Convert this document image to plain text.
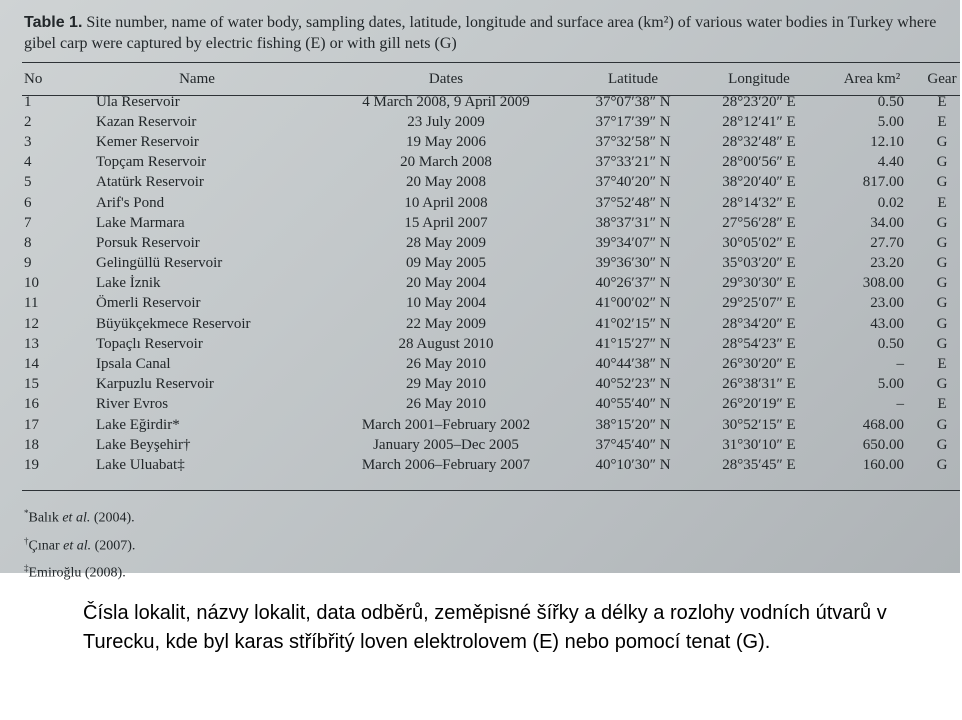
Table 1. Site number, name of water body, sampling dates, latitude, longitude and surface area (km²) of various water bodies in Turkey where gibel carp were captured by electric fishing (E) or with gill nets (G)
No	Name	Dates	Latitude	Longitude	Area km²	Gear
1	Ula Reservoir	4 March 2008, 9 April 2009	37°07′38″ N	28°23′20″ E	0.50	E
2	Kazan Reservoir	23 July 2009	37°17′39″ N	28°12′41″ E	5.00	E
3	Kemer Reservoir	19 May 2006	37°32′58″ N	28°32′48″ E	12.10	G
4	Topçam Reservoir	20 March 2008	37°33′21″ N	28°00′56″ E	4.40	G
5	Atatürk Reservoir	20 May 2008	37°40′20″ N	38°20′40″ E	817.00	G
6	Arif's Pond	10 April 2008	37°52′48″ N	28°14′32″ E	0.02	E
7	Lake Marmara	15 April 2007	38°37′31″ N	27°56′28″ E	34.00	G
8	Porsuk Reservoir	28 May 2009	39°34′07″ N	30°05′02″ E	27.70	G
9	Gelingüllü Reservoir	09 May 2005	39°36′30″ N	35°03′20″ E	23.20	G
10	Lake İznik	20 May 2004	40°26′37″ N	29°30′30″ E	308.00	G
11	Ömerli Reservoir	10 May 2004	41°00′02″ N	29°25′07″ E	23.00	G
12	Büyükçekmece Reservoir	22 May 2009	41°02′15″ N	28°34′20″ E	43.00	G
13	Topaçlı Reservoir	28 August 2010	41°15′27″ N	28°54′23″ E	0.50	G
14	Ipsala Canal	26 May 2010	40°44′38″ N	26°30′20″ E	–	E
15	Karpuzlu Reservoir	29 May 2010	40°52′23″ N	26°38′31″ E	5.00	G
16	River Evros	26 May 2010	40°55′40″ N	26°20′19″ E	–	E
17	Lake Eğirdir*	March 2001–February 2002	38°15′20″ N	30°52′15″ E	468.00	G
18	Lake Beyşehir†	January 2005–Dec 2005	37°45′40″ N	31°30′10″ E	650.00	G
19	Lake Uluabat‡	March 2006–February 2007	40°10′30″ N	28°35′45″ E	160.00	G
*Balık et al. (2004).
†Çınar et al. (2007).
‡Emiroğlu (2008).
Čísla lokalit, názvy lokalit, data odběrů, zeměpisné šířky a délky a rozlohy vodních útvarů v Turecku, kde byl karas stříbřitý loven elektrolovem (E) nebo pomocí tenat (G).
